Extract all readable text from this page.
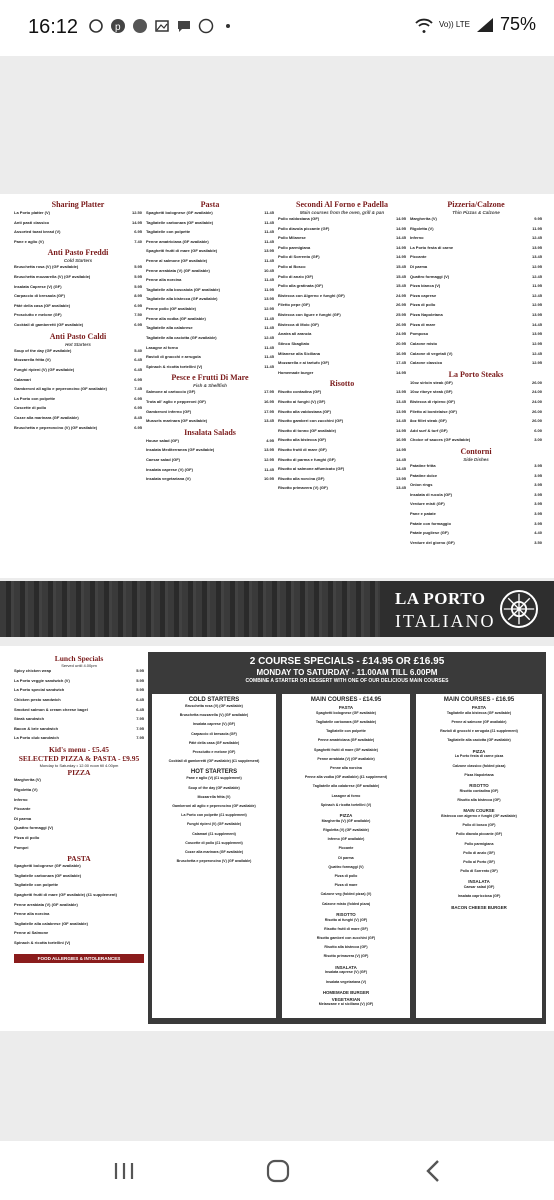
16:12	p	Vo)) LTE 75%
Sharing Platter
La Porto platter (V)	12.50

Anti pasti classico	14.95

Assorted toast bread (V)	6.95

Pane e aglio (V)	7.40

Anti Pasto Freddi
Cold Starters
Bruschetta rosa (V) (GF available)	5.95

Bruschetta mozzarella (V) (GF available)	5.95

Insalata Caprese (V) (GF)	5.95

Carpaccio di bresaola (GF)	8.95

Pâté della casa (GF available)	6.95

Prosciutto e melone (GF)	7.50

Cocktail di gamberetti (GF available)	6.95

Anti Pasto Caldi
Hot Starters
Soup of the day (GF available)	5.40

Mozzarella fritta (V)	6.45

Funghi ripieni (V) (GF available)	6.45

Calamari	6.95

Gamberoni all aglio e peperoncino (GF available)	7.45

La Porto con polpette	6.95

Coscette di pollo	6.95

Cozze alla marinara (GF available)	8.45

Bruschetta e peperoncino (V) (GF available)	6.95

Pasta
Spaghetti bolognese (GF available)	11.45

Tagliatelle carbonara (GF available)	11.45

Tagliatelle con polpette	11.45

Penne amatriciana (GF available)	11.45

Spaghetti frutti di mare (GF available)	13.95

Penne al salmone (GF available)	11.45

Penne arrabiata (V) (GF available)	10.45

Penne alla norcina	11.45

Tagliatelle alla boscaiola (GF available)	11.95

Tagliatelle alla bistecca (GF available)	13.95

Penne pollo (GF available)	12.95

Penne alla vodka (GF available)	11.45

Tagliatelle alla calabrese	11.45

Tagliatelle alla caciotta (GF available)	12.45

Lasagne al forno	11.45

Ravioli di gnocchi e arrugola	11.45

Spinach & ricotta tortellini (V)	11.45

Pesce e Frutti Di Mare
Fish & Shellfish
Salmone al cartoccio (GF)	17.95

Trota all' aglio e pepperoni (GF)	16.95

Gamberoni inferno (GF)	17.95

Mussels marinara (GF available)	13.45

Insalata Salads
House salad (GF)	4.95

Insalata Mediterranea (GF available)	13.95

Caesar salad (GF)	12.95

Insalata caprese (V) (GF)	11.45

Insalata vegetariana (V)	10.95

Secondi Al Forno e Padella
Main courses from the oven, grill & pan
Pollo valdostana (GF)	14.95

Pollo diavola piccante (GF)	14.95

Pollo Milanese	14.45

Pollo parmigiana	14.95

Pollo di Sorrento (GF)	14.95

Pollo al Bosco	15.45

Pollo di anzio (GF)	15.45

Pollo alla gratinata (GF)	15.45

Bistecca con Algerno e funghi (GF)	24.95

Filetto pepe (GF)	26.95

Bistecca con ligure e funghi (GF)	25.95

Bistecca di Moio (GF)	26.95

Anatra all arancia	24.95

Stinco Sbagliato	20.95

Milanese alla Siciliana	16.95

Mozzarella e ai tartufo (GF)	17.45

Homemade burger	14.95

Risotto
Risotto contadina (GF)	13.95

Risotto ai funghi (V) (GF)	13.45

Risotto alla valdostana (GF)	13.95

Risotto gamberi con zucchini (GF)	14.45

Risotto di tonno (GF available)	14.95

Risotto alla bistecca (GF)	16.95

Risotto frutti di mare (GF)	14.95

Risotto di parma e funghi (GF)	14.45

Risotto al salmone affumicato (GF)	14.45

Risotto alla norcina (GF)	13.95

Risotto primavera (V) (GF)	13.45

Pizzeria/Calzone
Thin Pizzas & Calzone
Margherita (V)	9.95

Rigoletta (V)	11.95

Inferno	12.45

La Porto festa di carne	13.95

Piccante	13.45

Di parma	12.95

Quattro formaggi (V)	12.45

Pizza bianca (V)	11.95

Pizza caprese	12.45

Pizza di pollo	12.95

Pizza Napoletana	13.95

Pizza di mare	14.45

Pomposo	13.95

Calzone misto	12.95

Calzone di vegetali (V)	12.45

Calzone classico	12.95

La Porto Steaks
10oz sirloin steak (GF)	26.00

10oz ribeye steak (GF)	24.00

Bistecca di ripieno (GF)	24.00

Filetto al bordelaise (GF)	26.00

8oz fillet steak (GF)	26.00

Add surf & turf (GF)	6.00

Choice of sauces (GF available)	3.00

Contorni
Side Dishes
Patatine fritta	3.95

Patatine dolce	3.95

Onion rings	3.95

Insalata di rucola (GF)	3.95

Verdure misti (GF)	3.95

Pane e patate	3.95

Patate con formaggio	3.95

Patate pugliese (GF)	4.40

Verdure del giorno (GF)	3.50

LA PORTO
ITALIANO
Lunch Specials
Served until 4.00pm
Spicy chicken wrap	5.95

La Porto veggie sandwich (V)	5.95

La Porto special sandwich	5.95

Chicken pesto sandwich	6.45

Smoked salmon & cream cheese bagel	6.45

Steak sandwich	7.95

Bacon & brie sandwich	7.95

La Porto club sandwich	7.95

Kid's menu - £5.45
SELECTED PIZZA & PASTA - £9.95
Monday to Saturday • 12.00 noon till 4.00pm
PIZZA
Margherita (V)

Rigoletta (V)

Inferno

Piccante

Di parma

Quattro formaggi (V)

Pizza di pollo

Pompei

PASTA
Spaghetti bolognese (GF available)

Tagliatelle carbonara (GF available)

Tagliatelle con polpette

Spaghetti frutti di mare (GF available) (£1 supplement)

Penne arrabiata (V) (GF available)

Penne alla norcina

Tagliatelle alla calabrese (GF available)

Penne al Salmone

Spinach & ricotta tortellini (V)

FOOD ALLERGIES & INTOLERANCES
2 COURSE SPECIALS - £14.95 OR £16.95
MONDAY TO SATURDAY - 11.00AM TILL 6.00PM
COMBINE A STARTER OR DESSERT WITH ONE OF OUR DELICIOUS MAIN COURSES
COLD STARTERS
Bruschetta rosa (V) (GF available)

Bruschetta mozzarella (V) (GF available)

Insalata caprese (V) (GF)

Carpaccio di bresaola (GF)

Pâté della casa (GF available)

Prosciutto e melone (GF)

Cocktail di gamberetti (GF available) (£1 supplement)

HOT STARTERS
Pane e aglio (V) (£1 supplement)

Soup of the day (GF available)

Mozzarella fritta (V)

Gamberoni all aglio e peperoncino (GF available)

La Porto con polpette (£1 supplement)

Funghi ripieni (V) (GF available)

Calamari (£1 supplement)

Coscette di pollo (£1 supplement)

Cozze alla marinara (GF available)

Bruschetta e peperoncino (V) (GF available)

MAIN COURSES - £14.95
PASTA
Spaghetti bolognese (GF available)

Tagliatelle carbonara (GF available)

Tagliatelle con polpette

Penne amatriciana (GF available)

Spaghetti frutti di mare (GF available)

Penne arrabiata (V) (GF available)

Penne alla norcina

Penne alla vodka (GF available) (£1 supplement)

Tagliatelle alla calabrese (GF available)

Lasagne al forno

Spinach & ricotta tortellini (V)

PIZZA
Margherita (V) (GF available)

Rigoletta (V) (GF available)

Inferno (GF available)

Piccante

Di parma

Quattro formaggi (V)

Pizza di pollo

Pizza di mare

Calzone veg (folded pizza) (V)

Calzone misto (folded pizza)

RISOTTO
Risotto ai funghi (V) (GF)

Risotto frutti di mare (GF)

Risotto gamberi con zucchini (GF)

Risotto alla bistecca (GF)

Risotto primavera (V) (GF)

INSALATA
Insalata caprese (V) (GF)

Insalata vegetariana (V)

HOMEMADE BURGER
VEGETARIAN
Melanzane e ai siciliana (V) (GF)

MAIN COURSES - £16.95
PASTA
Tagliatelle alla bistecca (GF available)

Penne al salmone (GF available)

Ravioli di gnocchi e arrugola (£1 supplement)

Tagliatelle alla caciotta (GF available)

PIZZA
La Porto festa di carne pizza

Calzone classico (folded pizza)

Pizza Napoletana

RISOTTO
Risotto contadina (GF)

Risotto alla bistecca (GF)

MAIN COURSE
Bistecca con algerno e funghi (GF available)

Pollo di bosco (GF)

Pollo diavola piccante (GF)

Pollo parmigiana

Pollo di anzio (GF)

Pollo al Porto (GF)

Pollo di Sorrento (GF)

INSALATA
Caesar salad (GF)

Insalata capricciosa (GF)

BACON CHEESE BURGER
